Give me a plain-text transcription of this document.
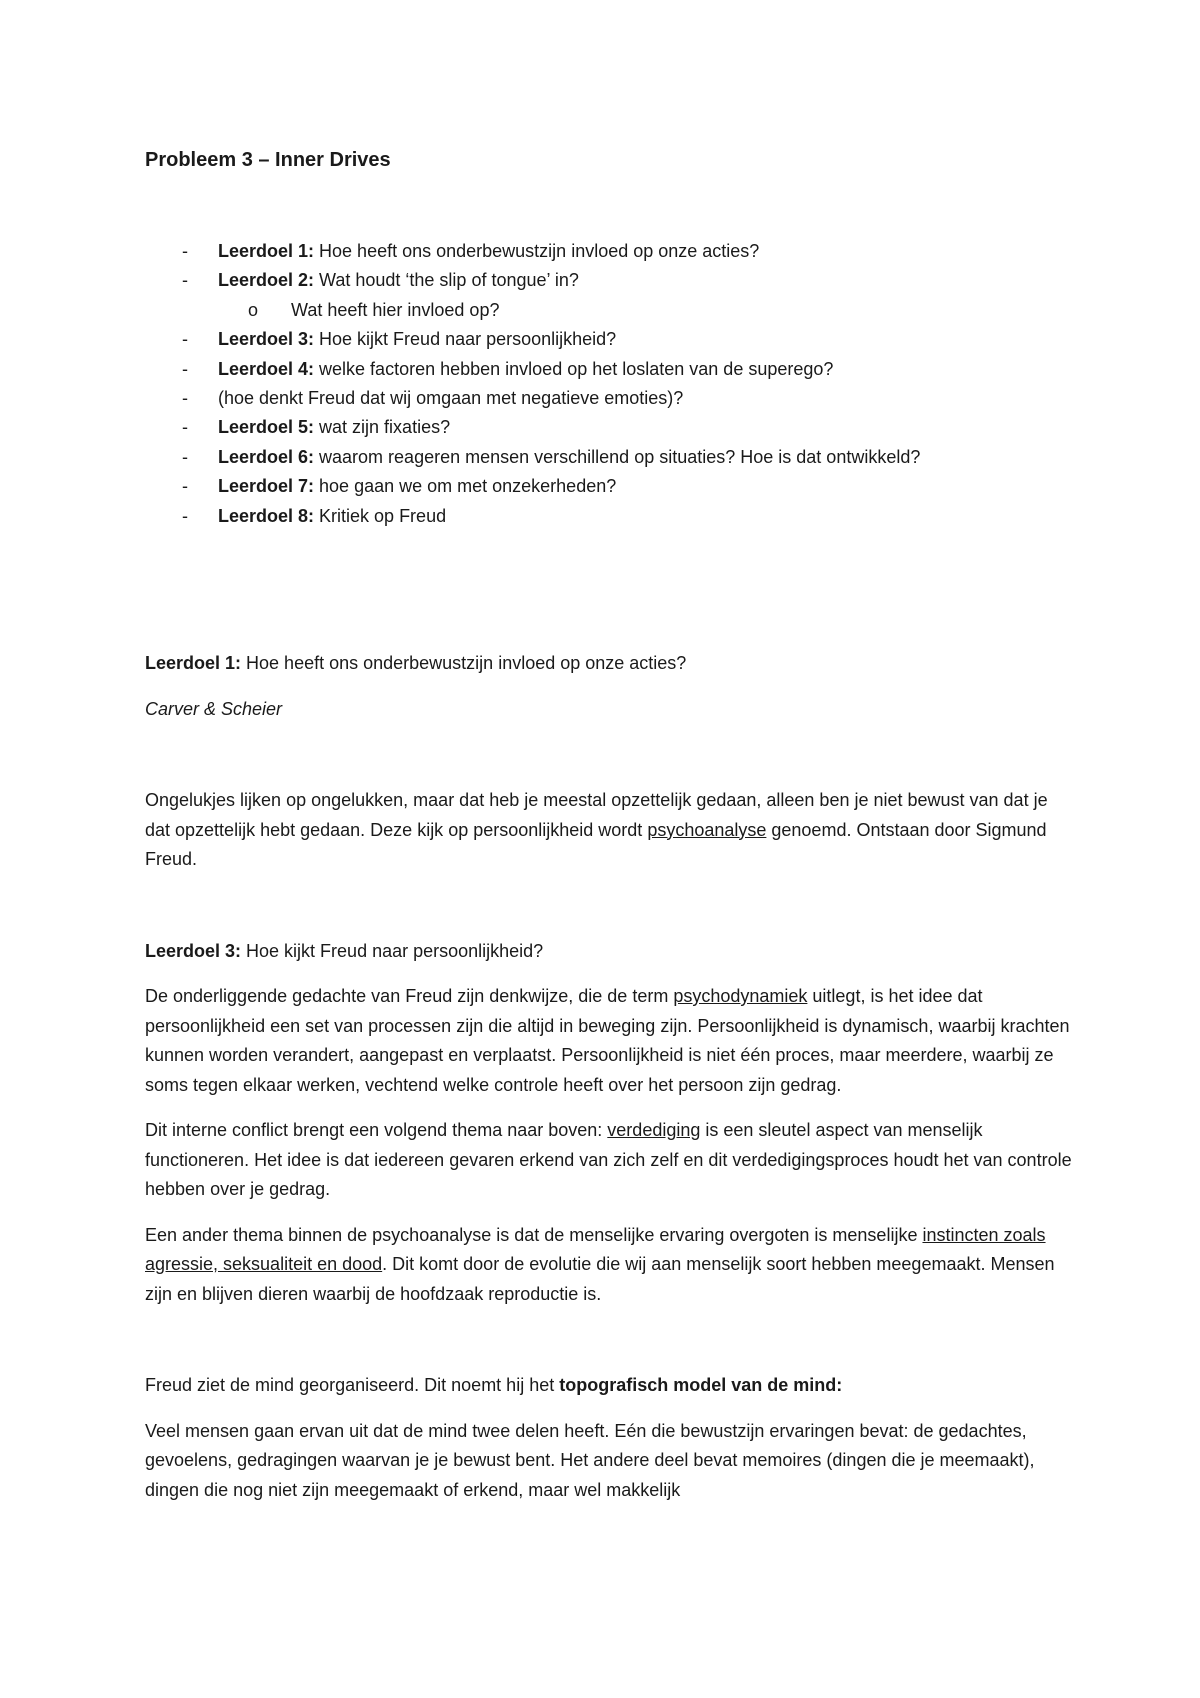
Probleem 3 – Inner Drives
- Leerdoel 1: Hoe heeft ons onderbewustzijn invloed op onze acties?
- Leerdoel 2: Wat houdt ‘the slip of tongue’ in?
o Wat heeft hier invloed op?
- Leerdoel 3: Hoe kijkt Freud naar persoonlijkheid?
- Leerdoel 4: welke factoren hebben invloed op het loslaten van de superego?
- (hoe denkt Freud dat wij omgaan met negatieve emoties)?
- Leerdoel 5: wat zijn fixaties?
- Leerdoel 6: waarom reageren mensen verschillend op situaties? Hoe is dat ontwikkeld?
- Leerdoel 7: hoe gaan we om met onzekerheden?
- Leerdoel 8: Kritiek op Freud

Leerdoel 1: Hoe heeft ons onderbewustzijn invloed op onze acties?

Carver & Scheier

Ongelukjes lijken op ongelukken, maar dat heb je meestal opzettelijk gedaan, alleen ben je niet bewust van dat je dat opzettelijk hebt gedaan. Deze kijk op persoonlijkheid wordt psychoanalyse genoemd. Ontstaan door Sigmund Freud.

Leerdoel 3: Hoe kijkt Freud naar persoonlijkheid?

De onderliggende gedachte van Freud zijn denkwijze, die de term psychodynamiek uitlegt, is het idee dat persoonlijkheid een set van processen zijn die altijd in beweging zijn. Persoonlijkheid is dynamisch, waarbij krachten kunnen worden verandert, aangepast en verplaatst. Persoonlijkheid is niet één proces, maar meerdere, waarbij ze soms tegen elkaar werken, vechtend welke controle heeft over het persoon zijn gedrag.

Dit interne conflict brengt een volgend thema naar boven: verdediging is een sleutel aspect van menselijk functioneren. Het idee is dat iedereen gevaren erkend van zich zelf en dit verdedigingsproces houdt het van controle hebben over je gedrag.

Een ander thema binnen de psychoanalyse is dat de menselijke ervaring overgoten is menselijke instincten zoals agressie, seksualiteit en dood. Dit komt door de evolutie die wij aan menselijk soort hebben meegemaakt. Mensen zijn en blijven dieren waarbij de hoofdzaak reproductie is.

Freud ziet de mind georganiseerd. Dit noemt hij het topografisch model van de mind:

Veel mensen gaan ervan uit dat de mind twee delen heeft. Eén die bewustzijn ervaringen bevat: de gedachtes, gevoelens, gedragingen waarvan je je bewust bent. Het andere deel bevat memoires (dingen die je meemaakt), dingen die nog niet zijn meegemaakt of erkend, maar wel makkelijk
